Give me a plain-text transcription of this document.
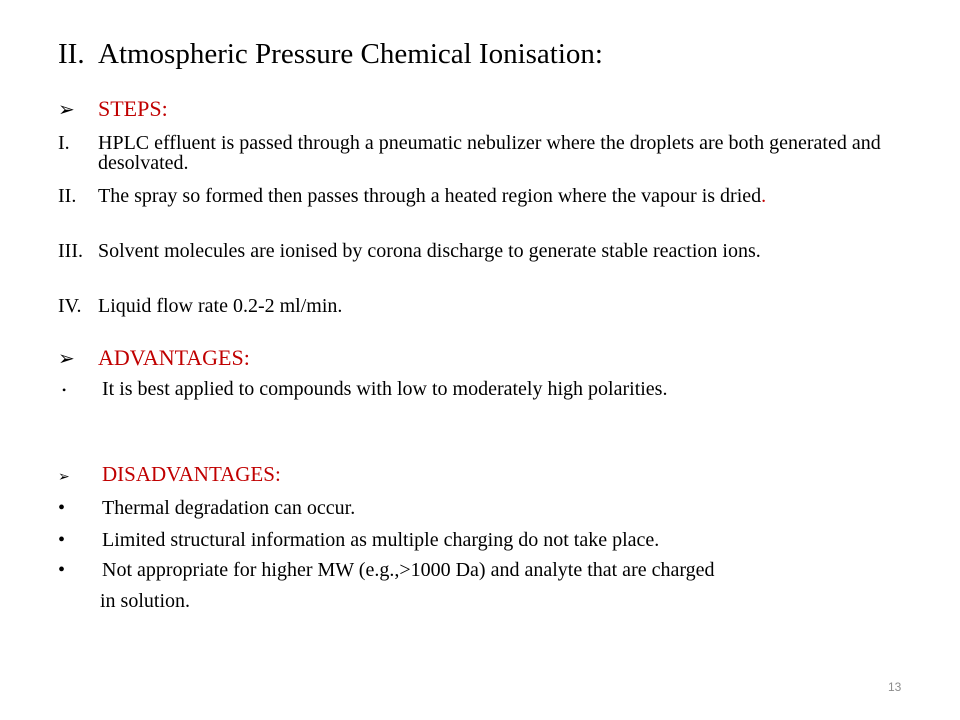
II. Atmospheric Pressure Chemical Ionisation:
➢ STEPS:
I. HPLC effluent is passed through a pneumatic nebulizer where the droplets are both generated and desolvated.
II. The spray so formed then passes through a heated region where the vapour is dried.
III. Solvent molecules are ionised by corona discharge to generate stable reaction ions.
IV. Liquid flow rate 0.2-2 ml/min.
➢ ADVANTAGES:
• It is best applied to compounds with low to moderately high polarities.
➢ DISADVANTAGES:
• Thermal degradation can occur.
• Limited structural information as multiple charging do not take place.
• Not appropriate for higher MW (e.g.,>1000 Da) and analyte that are charged
in solution.
13
